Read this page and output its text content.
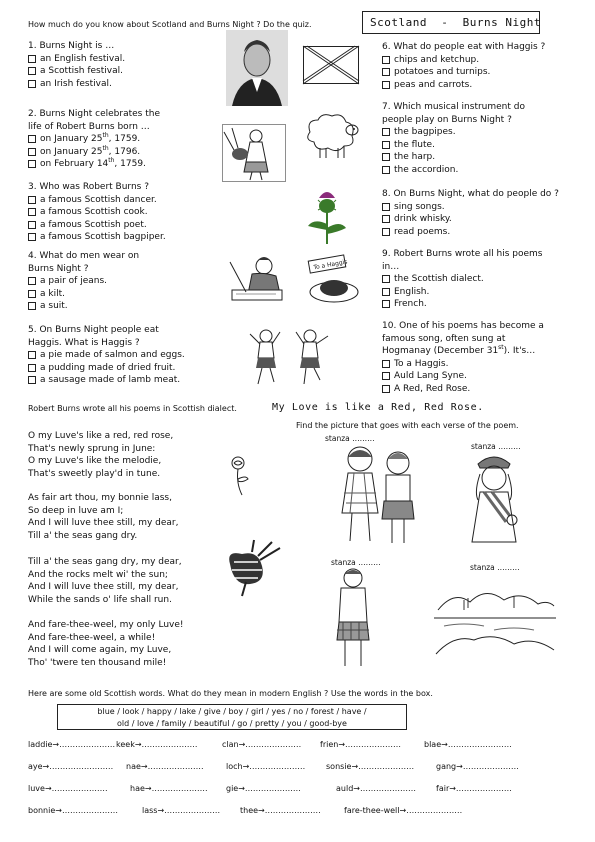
How much do you know about Scotland and Burns Night ? Do the quiz.	Scotland  -  Burns Night
1. Burns Night is …
an English festival.
a Scottish festival.
an Irish festival.
2. Burns Night celebrates the
life of Robert Burns born …
on January 25th, 1759.
on January 25th, 1796.
on February 14th, 1759.
3. Who was Robert Burns ?
a famous Scottish dancer.
a famous Scottish cook.
a famous Scottish poet.
a famous Scottish bagpiper.
4. What do men wear on
Burns Night ?
a pair of jeans.
a kilt.
a suit.
5. On Burns Night people eat
Haggis. What is Haggis ?
a pie made of salmon and eggs.
a pudding made of dried fruit.
a sausage made of lamb meat.
6. What do people eat with Haggis ?
chips and ketchup.
potatoes and turnips.
peas and carrots.
7. Which musical instrument do
people play on Burns Night ?
the bagpipes.
the flute.
the harp.
the accordion.
8. On Burns Night, what do people do ?
sing songs.
drink whisky.
read poems.
9. Robert Burns wrote all his poems
in…
the Scottish dialect.
English.
French.
10. One of his poems has become a
famous song, often sung at
Hogmanay (December 31st). It's…
To a Haggis.
Auld Lang Syne.
A Red, Red Rose.
To a Haggis
Robert Burns wrote all his poems in Scottish dialect.	My Love is like a Red, Red Rose.
Find the picture that goes with each verse of the poem.
O my Luve's like a red, red rose,
That's newly sprung in June:
O my Luve's like the melodie,
That's sweetly play'd in tune.
As fair art thou, my bonnie lass,
So deep in luve am I;
And I will luve thee still, my dear,
Till a' the seas gang dry.
Till a' the seas gang dry, my dear,
And the rocks melt wi' the sun;
And I will luve thee still, my dear,
While the sands o' life shall run.
And fare-thee-weel, my only Luve!
And fare-thee-weel, a while!
And I will come again, my Luve,
Tho' 'twere ten thousand mile!
stanza ………
stanza ………
stanza ………
stanza ………
Here are some old Scottish words. What do they mean in modern English ? Use the words in the box.
blue / look / happy / lake / give / boy / girl / yes / no / forest / have /
old / love / family / beautiful / go / pretty / you / good-bye
laddie→…………………keek→…………………	clan→………………… frien→…………………	blae→……………………
aye→…………………… nae→…………………	loch→…………………	sonsie→…………………	gang→…………………
luve→…………………	hae→………………… gie→…………………	auld→…………………	fair→…………………
bonnie→…………………	lass→………………… thee→…………………	fare-thee-well→…………………
